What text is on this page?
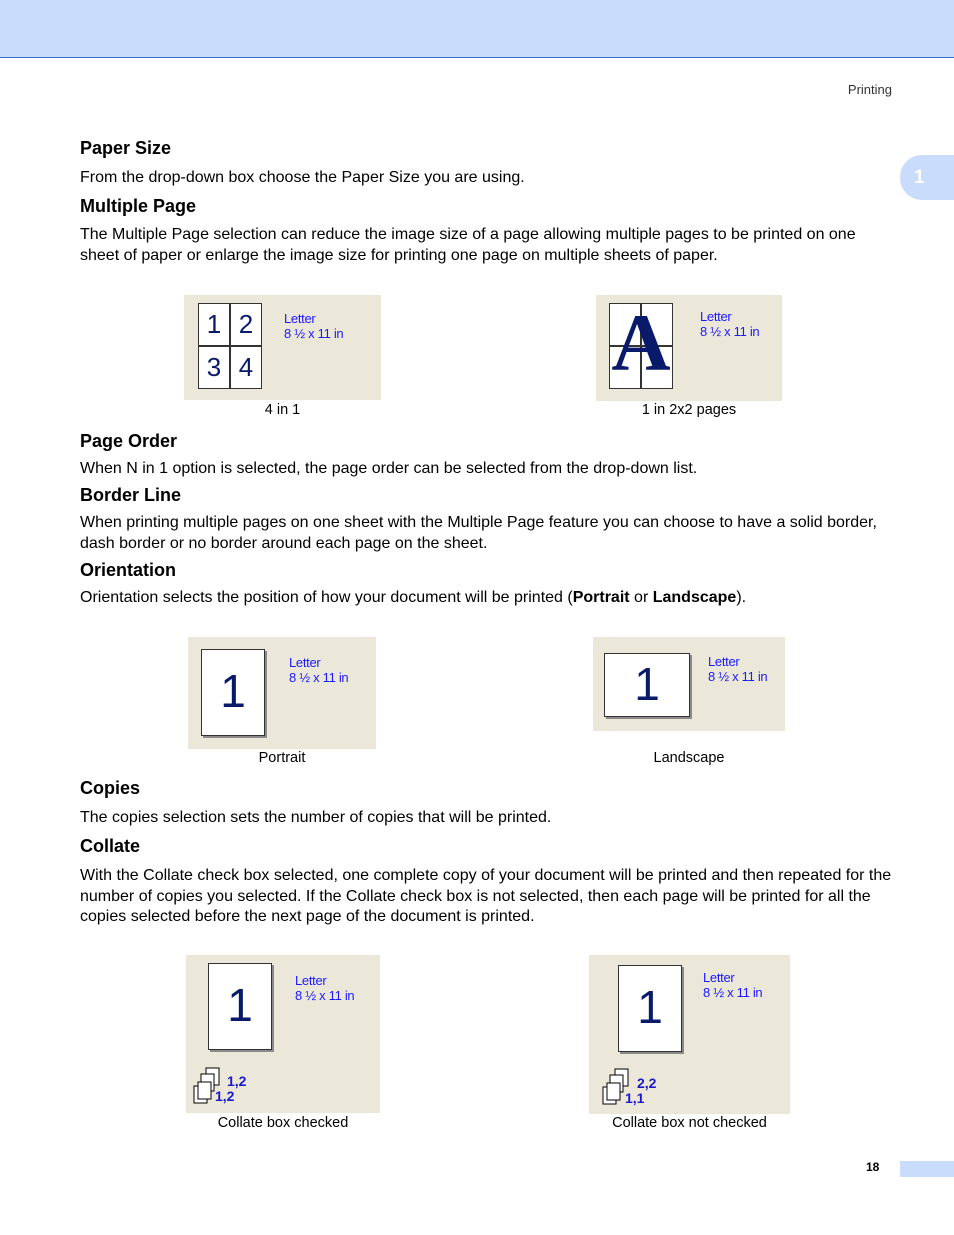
Printing
1
Paper Size

From the drop-down box choose the Paper Size you are using.

Multiple Page

The Multiple Page selection can reduce the image size of a page allowing multiple pages to be printed on one sheet of paper or enlarge the image size for printing one page on multiple sheets of paper.

1 2
3 4
Letter
8 ½ x 11 in
4 in 1
A Letter
8 ½ x 11 in
1 in 2x2 pages
Page Order

When N in 1 option is selected, the page order can be selected from the drop-down list.

Border Line

When printing multiple pages on one sheet with the Multiple Page feature you can choose to have a solid border, dash border or no border around each page on the sheet.

Orientation

Orientation selects the position of how your document will be printed (Portrait or Landscape).

1
Letter
8 ½ x 11 in
Portrait
1	Letter
8 ½ x 11 in
Landscape
Copies

The copies selection sets the number of copies that will be printed.

Collate

With the Collate check box selected, one complete copy of your document will be printed and then repeated for the number of copies you selected. If the Collate check box is not selected, then each page will be printed for all the copies selected before the next page of the document is printed.

1	Letter
8 ½ x 11 in
1,2
1,2
Collate box checked
1
Letter
8 ½ x 11 in
2,2
1,1
Collate box not checked
18
